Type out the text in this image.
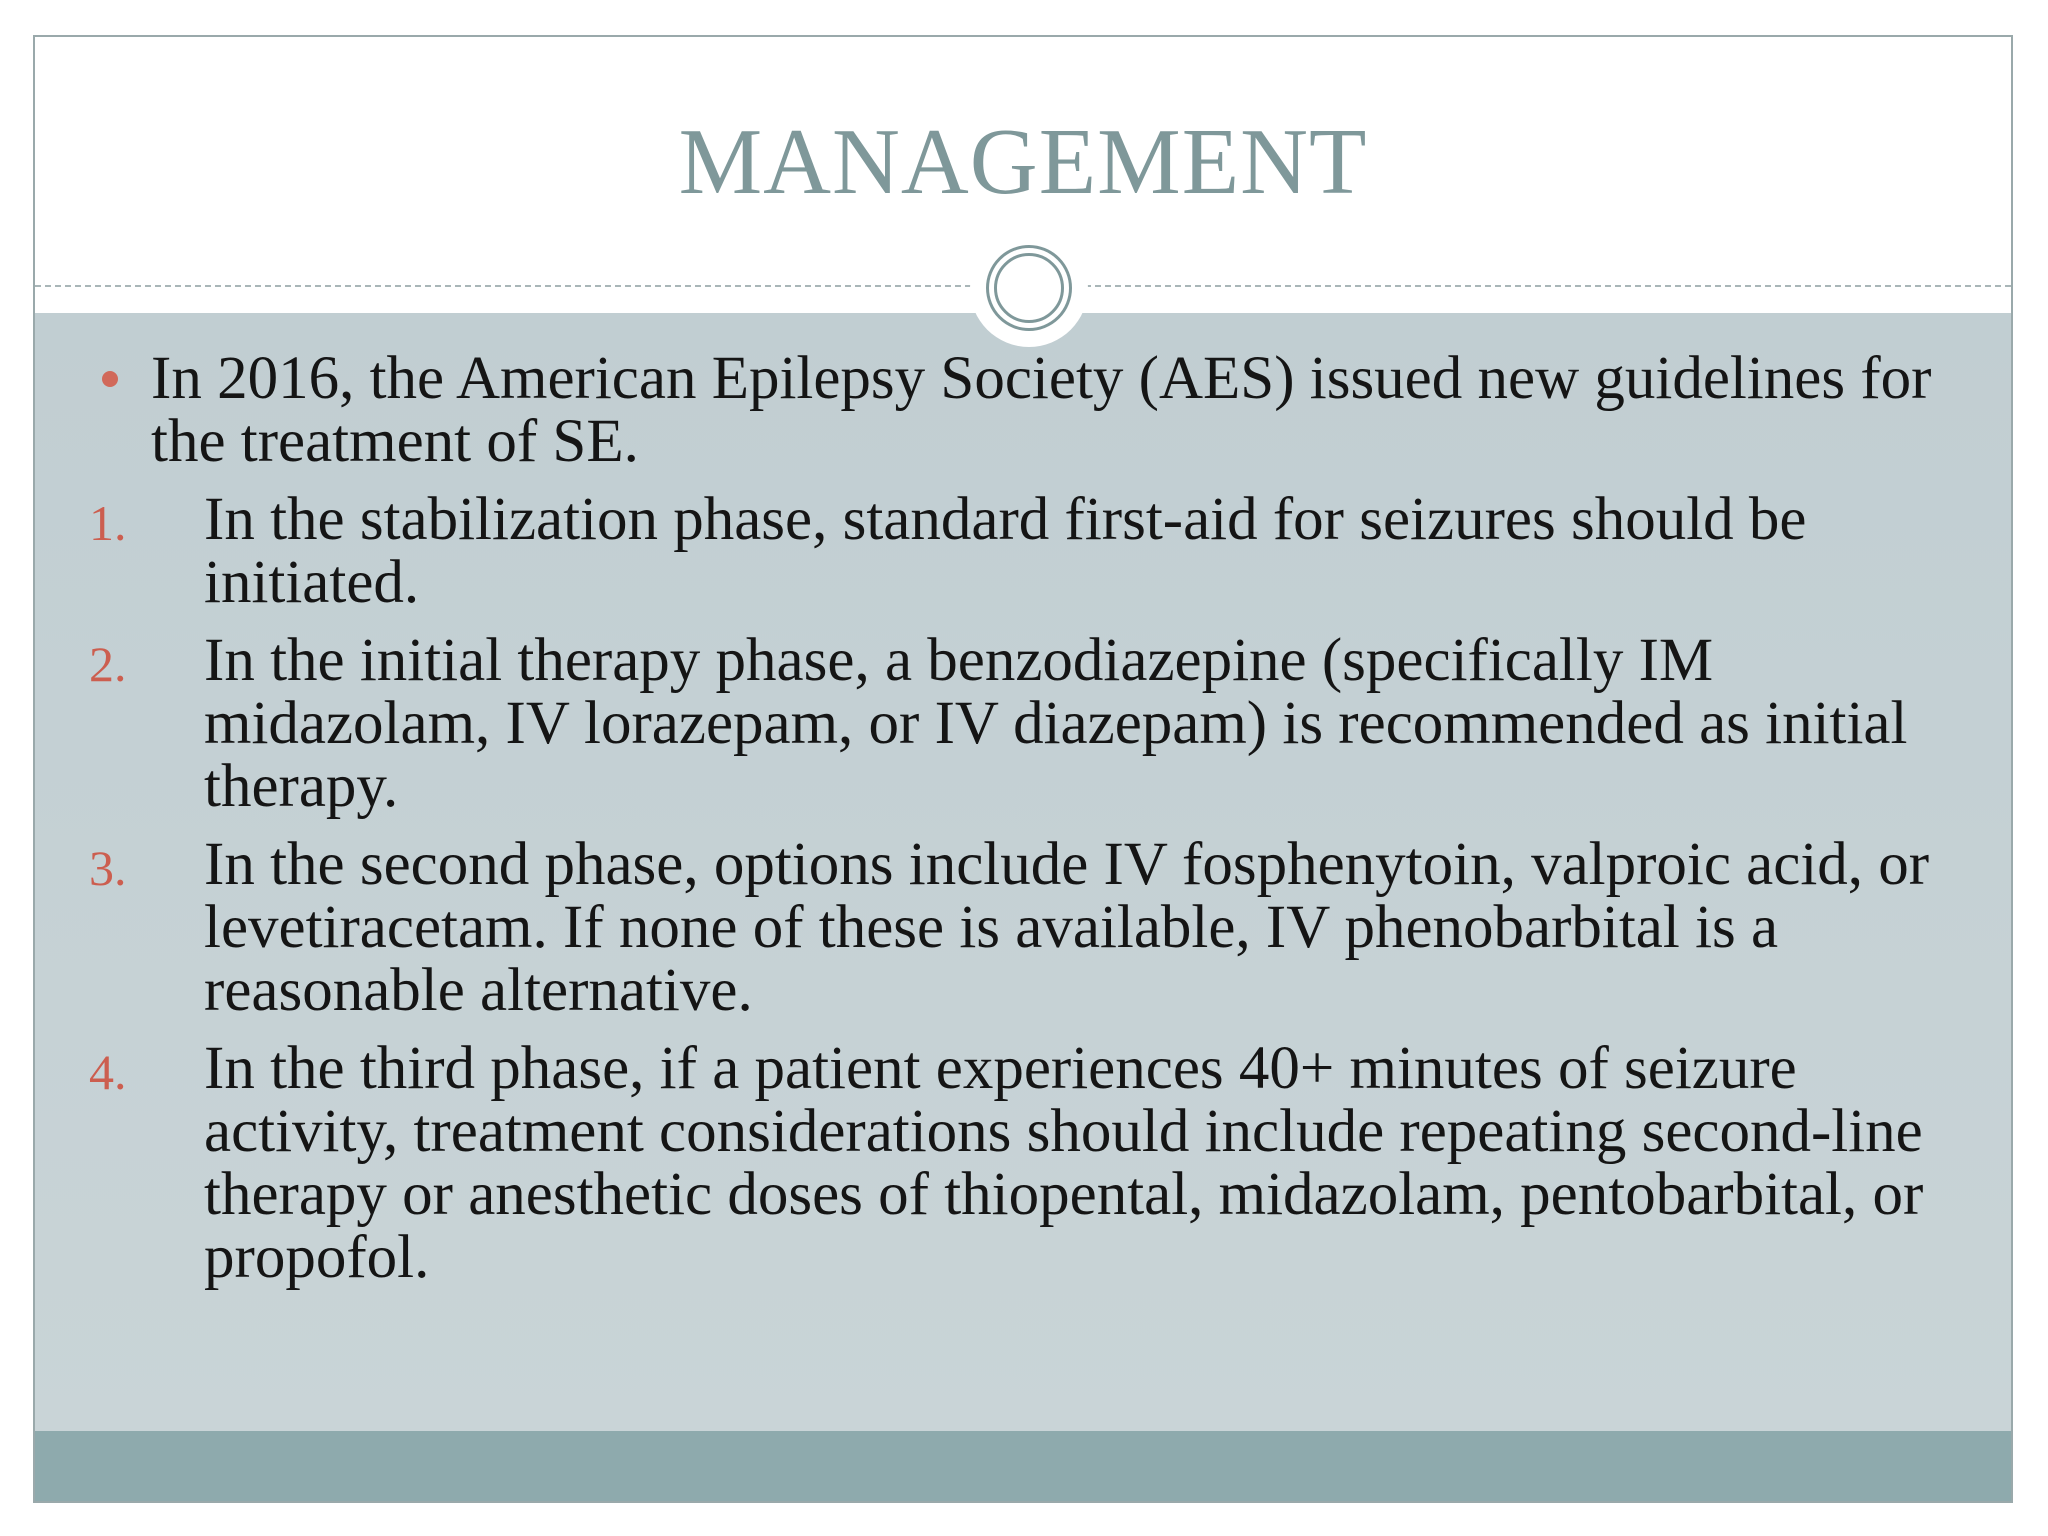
MANAGEMENT
In 2016, the American Epilepsy Society (AES) issued new guidelines for the treatment of SE.
1. In the stabilization phase, standard first-aid for seizures should be initiated.
2. In the initial therapy phase, a benzodiazepine (specifically IM midazolam, IV lorazepam, or IV diazepam) is recommended as initial therapy.
3. In the second phase, options include IV fosphenytoin, valproic acid, or levetiracetam. If none of these is available, IV phenobarbital is a reasonable alternative.
4. In the third phase, if a patient experiences 40+ minutes of seizure activity, treatment considerations should include repeating second-line therapy or anesthetic doses of thiopental, midazolam, pentobarbital, or propofol.
